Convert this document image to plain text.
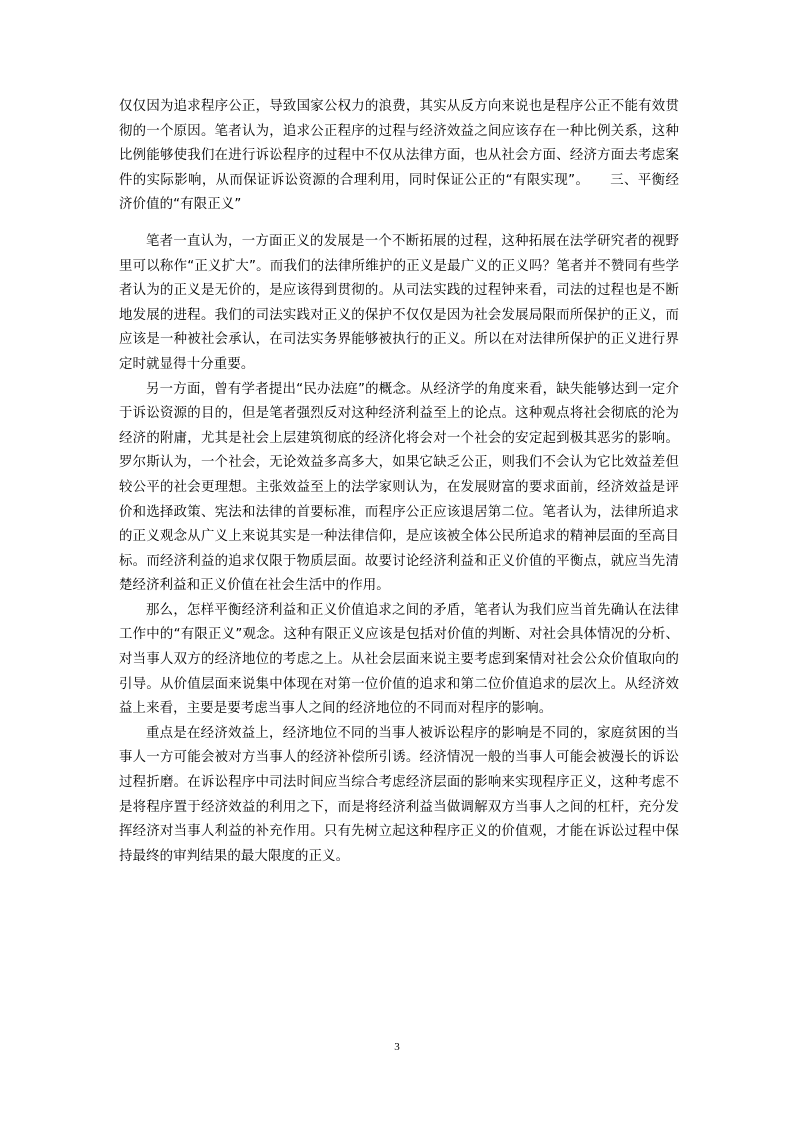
仅仅因为追求程序公正，导致国家公权力的浪费，其实从反方向来说也是程序公正不能有效贯彻的一个原因。笔者认为，追求公正程序的过程与经济效益之间应该存在一种比例关系，这种比例能够使我们在进行诉讼程序的过程中不仅从法律方面，也从社会方面、经济方面去考虑案件的实际影响，从而保证诉讼资源的合理利用，同时保证公正的“有限实现”。　　三、平衡经济价值的“有限正义”

笔者一直认为，一方面正义的发展是一个不断拓展的过程，这种拓展在法学研究者的视野里可以称作“正义扩大”。而我们的法律所维护的正义是最广义的正义吗？笔者并不赞同有些学者认为的正义是无价的，是应该得到贯彻的。从司法实践的过程钟来看，司法的过程也是不断地发展的进程。我们的司法实践对正义的保护不仅仅是因为社会发展局限而所保护的正义，而应该是一种被社会承认，在司法实务界能够被执行的正义。所以在对法律所保护的正义进行界定时就显得十分重要。

另一方面，曾有学者提出“民办法庭”的概念。从经济学的角度来看，缺失能够达到一定介于诉讼资源的目的，但是笔者强烈反对这种经济利益至上的论点。这种观点将社会彻底的沦为经济的附庸，尤其是社会上层建筑彻底的经济化将会对一个社会的安定起到极其恶劣的影响。罗尔斯认为，一个社会，无论效益多高多大，如果它缺乏公正，则我们不会认为它比效益差但较公平的社会更理想。主张效益至上的法学家则认为，在发展财富的要求面前，经济效益是评价和选择政策、宪法和法律的首要标准，而程序公正应该退居第二位。笔者认为，法律所追求的正义观念从广义上来说其实是一种法律信仰，是应该被全体公民所追求的精神层面的至高目标。而经济利益的追求仅限于物质层面。故要讨论经济利益和正义价值的平衡点，就应当先清楚经济利益和正义价值在社会生活中的作用。

那么，怎样平衡经济利益和正义价值追求之间的矛盾，笔者认为我们应当首先确认在法律工作中的“有限正义”观念。这种有限正义应该是包括对价值的判断、对社会具体情况的分析、对当事人双方的经济地位的考虑之上。从社会层面来说主要考虑到案情对社会公众价值取向的引导。从价值层面来说集中体现在对第一位价值的追求和第二位价值追求的层次上。从经济效益上来看，主要是要考虑当事人之间的经济地位的不同而对程序的影响。

重点是在经济效益上，经济地位不同的当事人被诉讼程序的影响是不同的，家庭贫困的当事人一方可能会被对方当事人的经济补偿所引诱。经济情况一般的当事人可能会被漫长的诉讼过程折磨。在诉讼程序中司法时间应当综合考虑经济层面的影响来实现程序正义，这种考虑不是将程序置于经济效益的利用之下，而是将经济利益当做调解双方当事人之间的杠杆，充分发挥经济对当事人利益的补充作用。只有先树立起这种程序正义的价值观，才能在诉讼过程中保持最终的审判结果的最大限度的正义。

3
